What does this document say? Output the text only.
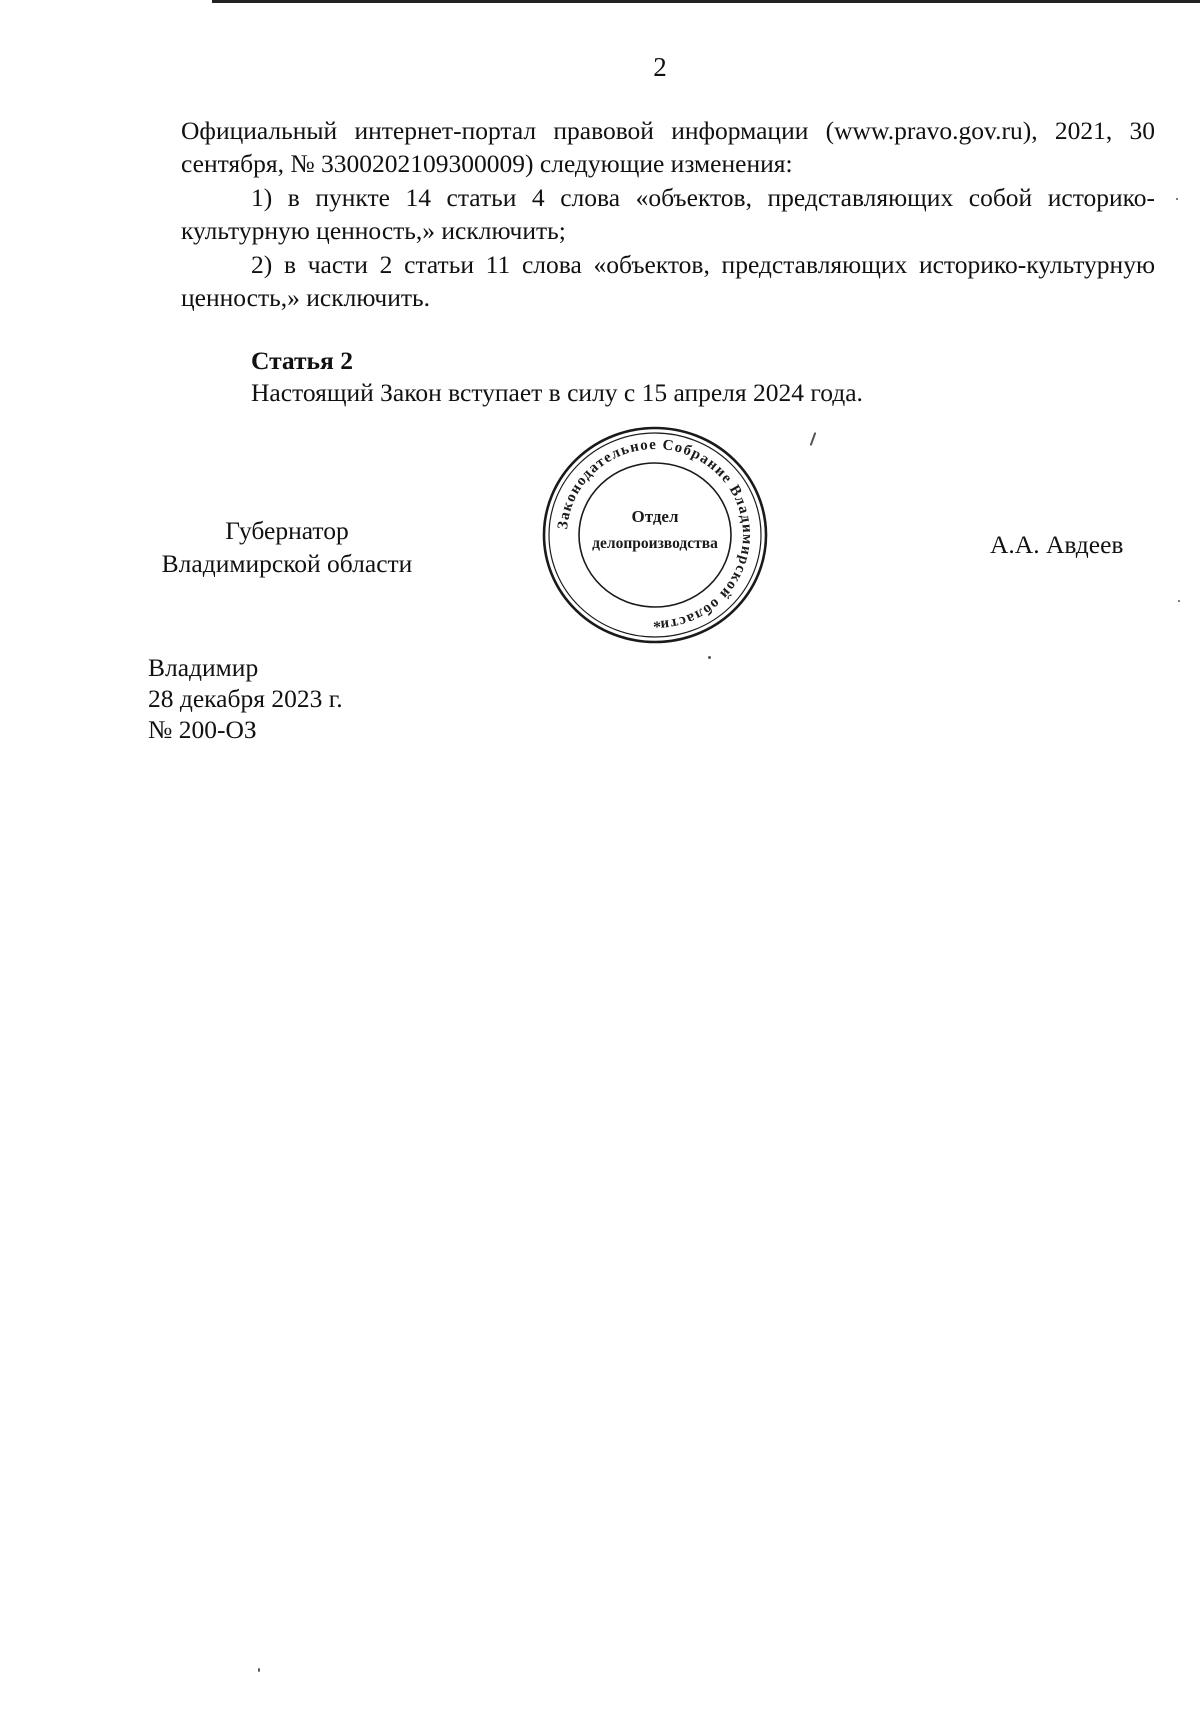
2

Официальный интернет-портал правовой информации (www.pravo.gov.ru), 2021, 30 сентября, № 3300202109300009) следующие изменения:

1) в пункте 14 статьи 4 слова «объектов, представляющих собой историко-культурную ценность,» исключить;

2) в части 2 статьи 11 слова «объектов, представляющих историко-культурную ценность,» исключить.

Статья 2
Настоящий Закон вступает в силу с 15 апреля 2024 года.
Губернатор
Владимирской области
А.А. Авдеев
Законодательное Собрание Владимирской области
Отдел
делопроизводства
*
Владимир
28 декабря 2023 г.
№ 200-ОЗ
